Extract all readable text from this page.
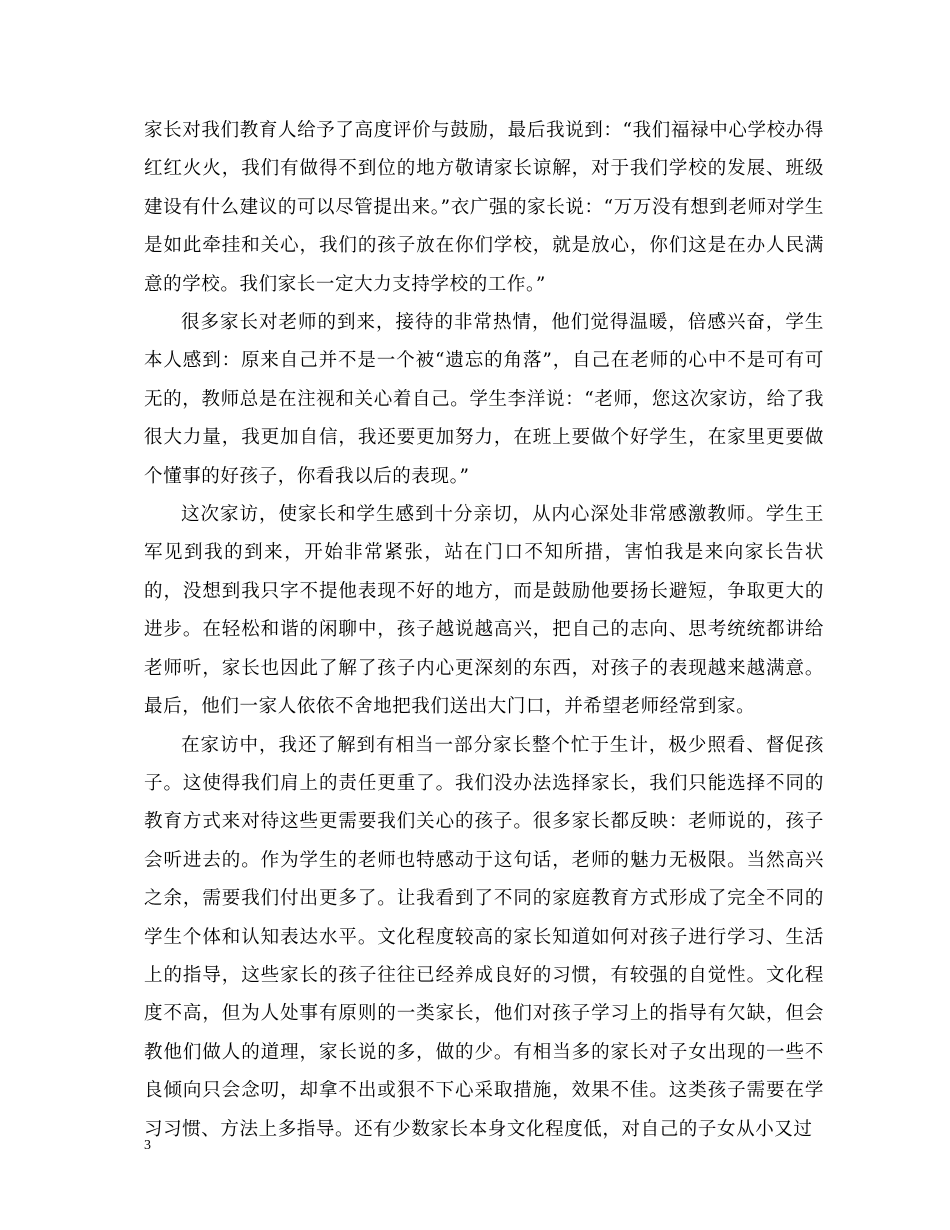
家长对我们教育人给予了高度评价与鼓励，最后我说到：“我们福禄中心学校办得红红火火，我们有做得不到位的地方敬请家长谅解，对于我们学校的发展、班级建设有什么建议的可以尽管提出来。”衣广强的家长说：“万万没有想到老师对学生是如此牵挂和关心，我们的孩子放在你们学校，就是放心，你们这是在办人民满意的学校。我们家长一定大力支持学校的工作。”

很多家长对老师的到来，接待的非常热情，他们觉得温暖，倍感兴奋，学生本人感到：原来自己并不是一个被“遗忘的角落”，自己在老师的心中不是可有可无的，教师总是在注视和关心着自己。学生李洋说：“老师，您这次家访，给了我很大力量，我更加自信，我还要更加努力，在班上要做个好学生，在家里更要做个懂事的好孩子，你看我以后的表现。”

这次家访，使家长和学生感到十分亲切，从内心深处非常感激教师。学生王军见到我的到来，开始非常紧张，站在门口不知所措，害怕我是来向家长告状的，没想到我只字不提他表现不好的地方，而是鼓励他要扬长避短，争取更大的进步。在轻松和谐的闲聊中，孩子越说越高兴，把自己的志向、思考统统都讲给老师听，家长也因此了解了孩子内心更深刻的东西，对孩子的表现越来越满意。最后，他们一家人依依不舍地把我们送出大门口，并希望老师经常到家。

在家访中，我还了解到有相当一部分家长整个忙于生计，极少照看、督促孩子。这使得我们肩上的责任更重了。我们没办法选择家长，我们只能选择不同的教育方式来对待这些更需要我们关心的孩子。很多家长都反映：老师说的，孩子会听进去的。作为学生的老师也特感动于这句话，老师的魅力无极限。当然高兴之余，需要我们付出更多了。让我看到了不同的家庭教育方式形成了完全不同的学生个体和认知表达水平。文化程度较高的家长知道如何对孩子进行学习、生活上的指导，这些家长的孩子往往已经养成良好的习惯，有较强的自觉性。文化程度不高，但为人处事有原则的一类家长，他们对孩子学习上的指导有欠缺，但会教他们做人的道理，家长说的多，做的少。有相当多的家长对子女出现的一些不良倾向只会念叨，却拿不出或狠不下心采取措施，效果不佳。这类孩子需要在学习习惯、方法上多指导。还有少数家长本身文化程度低，对自己的子女从小又过

3
